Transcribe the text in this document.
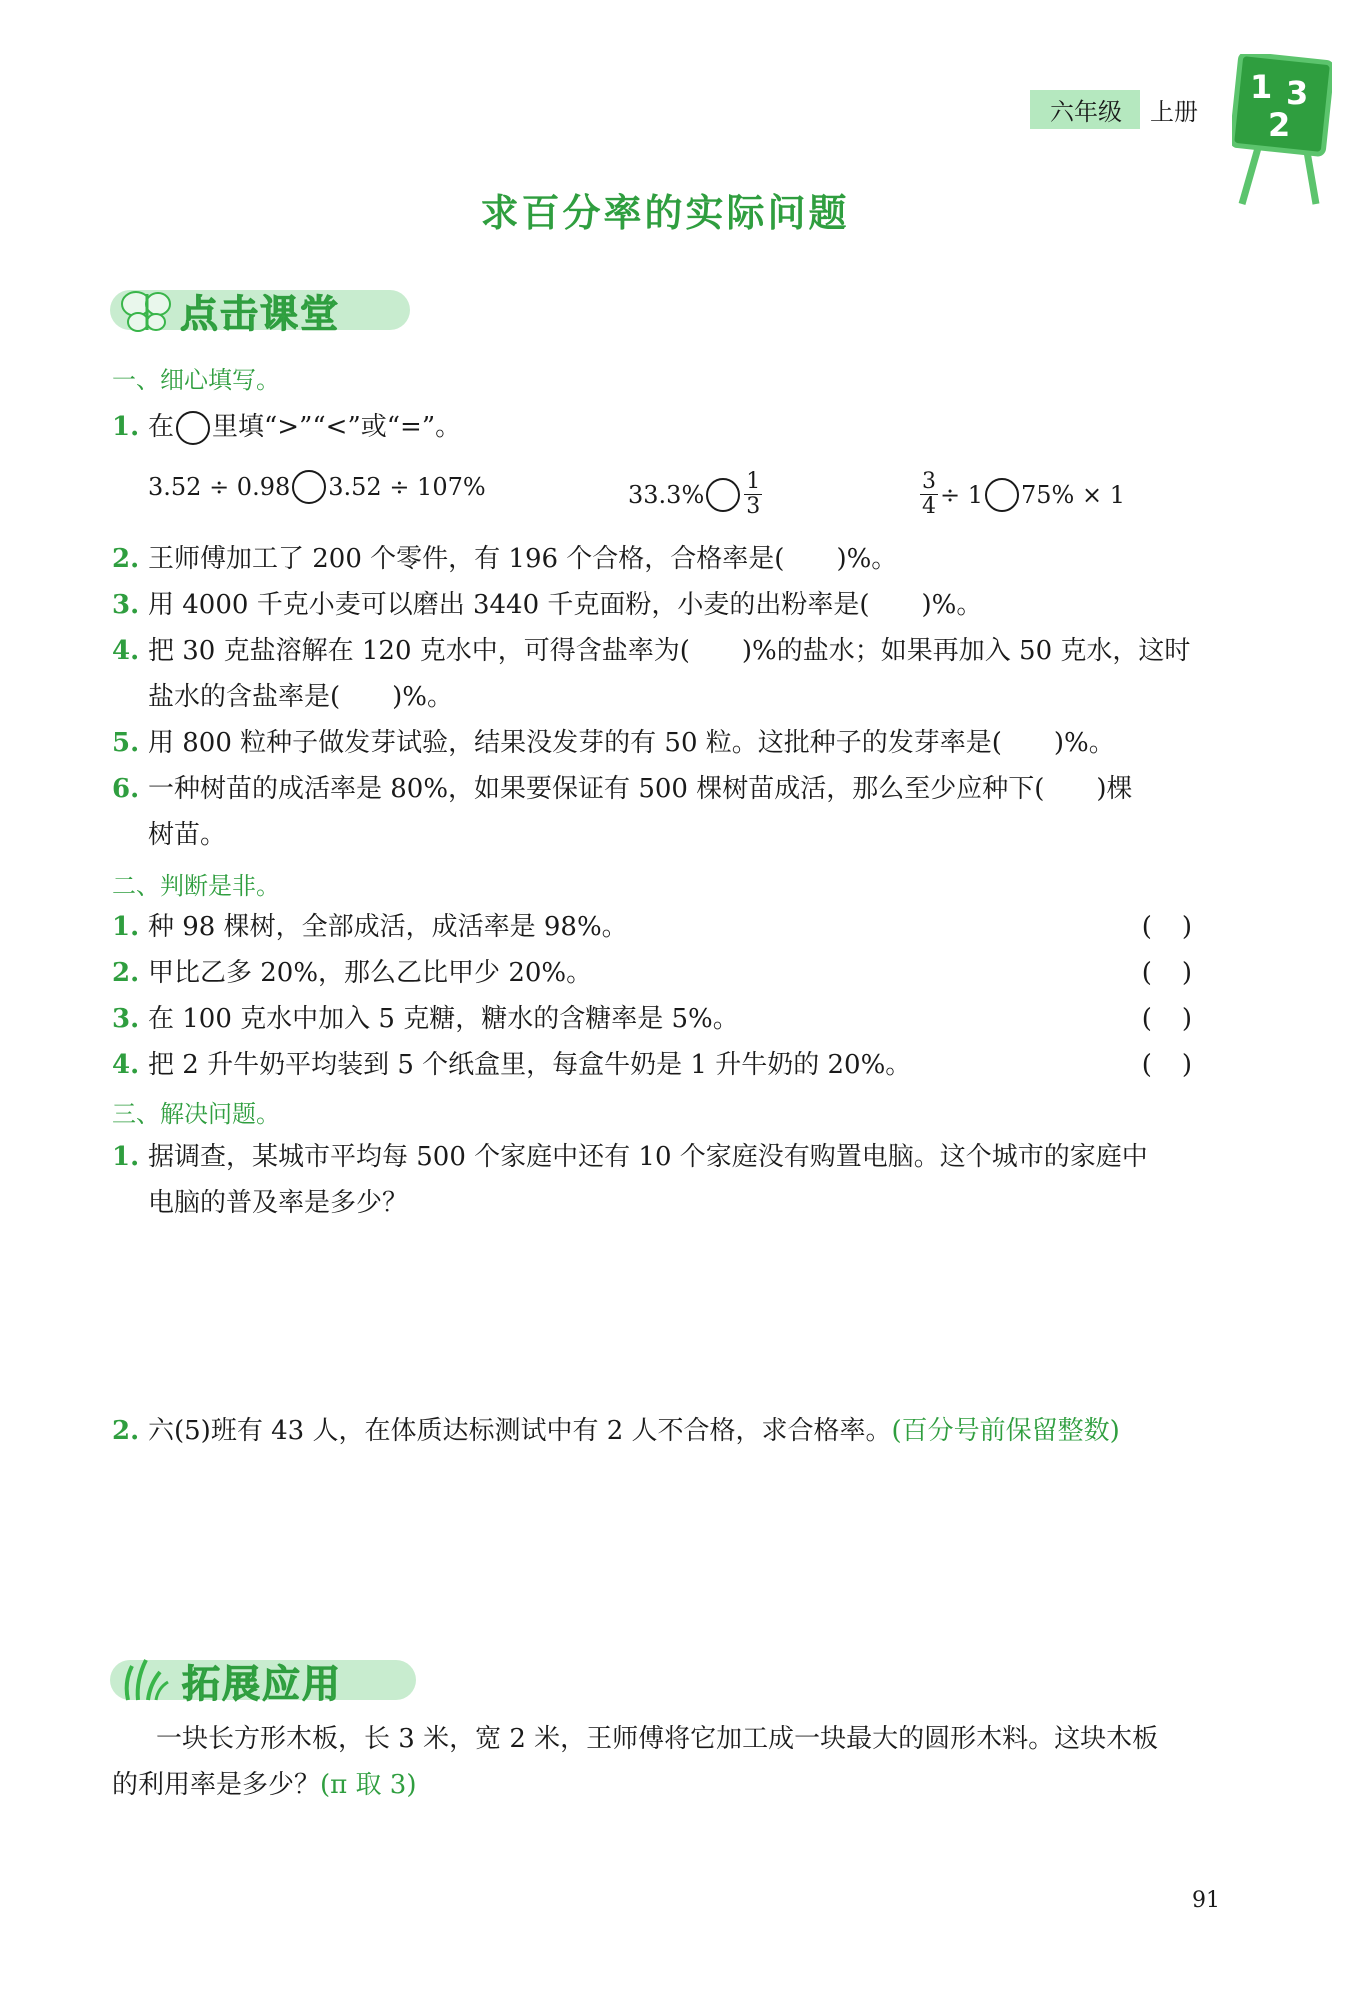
六年级	上册
1 3
2
求百分率的实际问题
点击课堂
一、细心填写。
1. 在 里填“>”“<”或“=”。
3.52 ÷ 0.98 3.52 ÷ 107%	$33.3\% \frac{1}{3}$	$\frac{3}{4} \div 1$ 75% × 1
2. 王师傅加工了 200 个零件，有 196 个合格，合格率是(　　)%。
3. 用 4000 千克小麦可以磨出 3440 千克面粉，小麦的出粉率是(　　)%。
4. 把 30 克盐溶解在 120 克水中，可得含盐率为(　　)%的盐水；如果再加入 50 克水，这时
盐水的含盐率是(　　)%。
5. 用 800 粒种子做发芽试验，结果没发芽的有 50 粒。这批种子的发芽率是(　　)%。
6. 一种树苗的成活率是 80%，如果要保证有 500 棵树苗成活，那么至少应种下(　　)棵
树苗。
二、判断是非。
1. 种 98 棵树，全部成活，成活率是 98%。	()
2. 甲比乙多 20%，那么乙比甲少 20%。	()
3. 在 100 克水中加入 5 克糖，糖水的含糖率是 5%。	()
4. 把 2 升牛奶平均装到 5 个纸盒里，每盒牛奶是 1 升牛奶的 20%。	()
三、解决问题。
1. 据调查，某城市平均每 500 个家庭中还有 10 个家庭没有购置电脑。这个城市的家庭中
电脑的普及率是多少？
2. 六(5)班有 43 人，在体质达标测试中有 2 人不合格，求合格率。(百分号前保留整数)
拓展应用
一块长方形木板，长 3 米，宽 2 米，王师傅将它加工成一块最大的圆形木料。这块木板
的利用率是多少？(π 取 3)
91
